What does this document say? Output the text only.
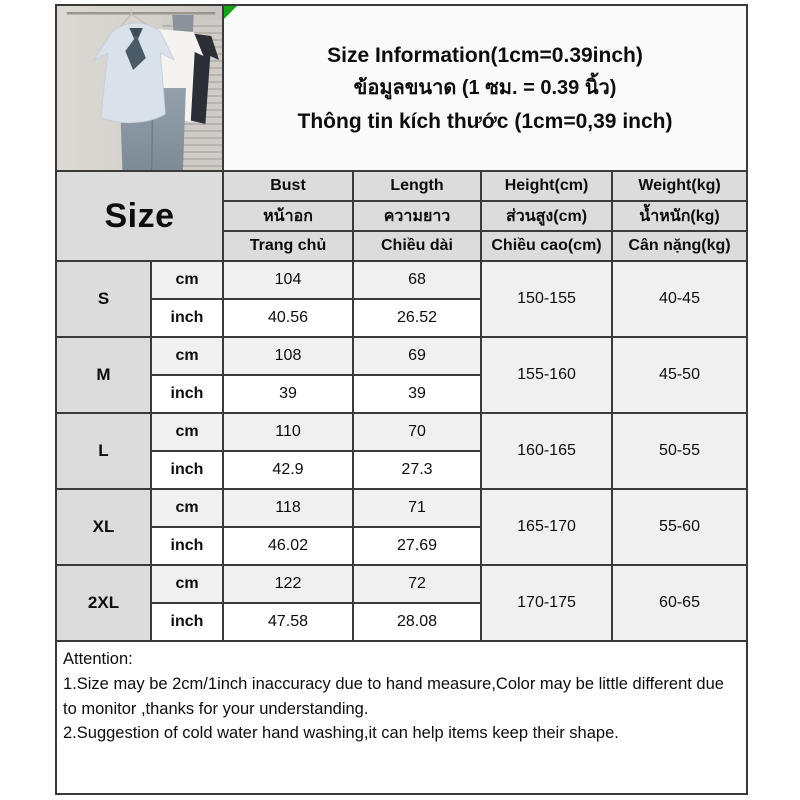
Size Information(1cm=0.39inch)
ข้อมูลขนาด (1 ซม. = 0.39 นิ้ว)
Thông tin kích thước (1cm=0,39 inch)			

Size		Bust	Length	Height(cm)	Weight(kg)
		หน้าอก	ความยาว	ส่วนสูง(cm)	น้ำหนัก(kg)
		Trang chủ	Chiều dài	Chiều cao(cm)	Cân nặng(kg)
S	cm	104	68	150-155	40-45
	inch	40.56	26.52		
M	cm	108	69	155-160	45-50
	inch	39	39		
L	cm	110	70	160-165	50-55
	inch	42.9	27.3		
XL	cm	118	71	165-170	55-60
	inch	46.02	27.69		
2XL	cm	122	72	170-175	60-65
	inch	47.58	28.08		

Attention:
1.Size may be 2cm/1inch inaccuracy due to hand measure,Color may be little different due to monitor ,thanks for your understanding.
2.Suggestion of cold water hand washing,it can help items keep their shape.					
